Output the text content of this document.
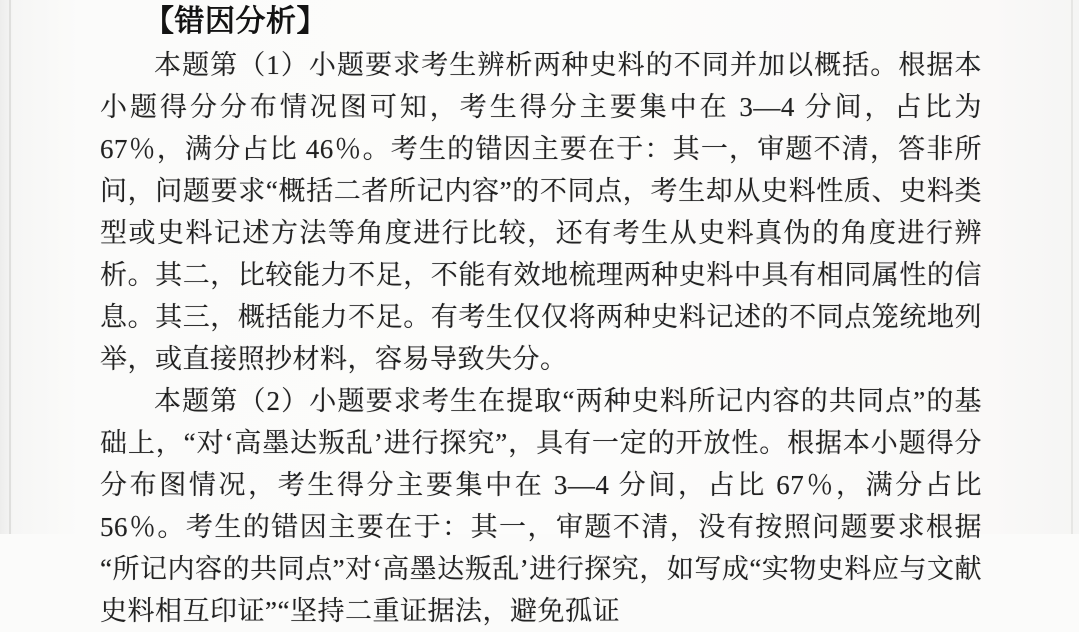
【错因分析】

本题第（1）小题要求考生辨析两种史料的不同并加以概括。根据本小题得分分布情况图可知，考生得分主要集中在 3—4 分间，占比为 67％，满分占比 46％。考生的错因主要在于：其一，审题不清，答非所问，问题要求“概括二者所记内容”的不同点，考生却从史料性质、史料类型或史料记述方法等角度进行比较，还有考生从史料真伪的角度进行辨析。其二，比较能力不足，不能有效地梳理两种史料中具有相同属性的信息。其三，概括能力不足。有考生仅仅将两种史料记述的不同点笼统地列举，或直接照抄材料，容易导致失分。

本题第（2）小题要求考生在提取“两种史料所记内容的共同点”的基础上，“对‘高墨达叛乱’进行探究”，具有一定的开放性。根据本小题得分分布图情况，考生得分主要集中在 3—4 分间，占比 67％，满分占比 56％。考生的错因主要在于：其一，审题不清，没有按照问题要求根据“所记内容的共同点”对‘高墨达叛乱’进行探究，如写成“实物史料应与文献史料相互印证”“坚持二重证据法，避免孤证
